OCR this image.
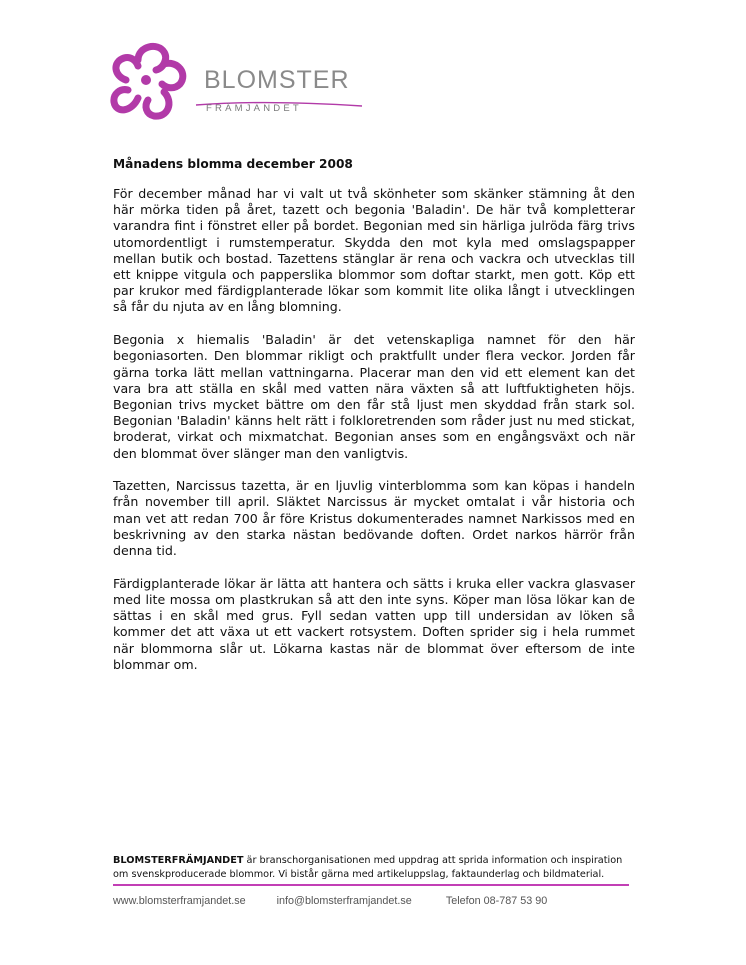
BLOMSTER
FRÄMJANDET
Månadens blomma december 2008

För december månad har vi valt ut två skönheter som skänker stämning åt den här mörka tiden på året, tazett och begonia 'Baladin'. De här två kompletterar varandra fint i fönstret eller på bordet. Begonian med sin härliga julröda färg trivs utomordentligt i rumstemperatur. Skydda den mot kyla med omslagspapper mellan butik och bostad. Tazettens stänglar är rena och vackra och utvecklas till ett knippe vitgula och papperslika blommor som doftar starkt, men gott. Köp ett par krukor med färdigplanterade lökar som kommit lite olika långt i utvecklingen så får du njuta av en lång blomning.

Begonia x hiemalis 'Baladin' är det vetenskapliga namnet för den här begoniasorten. Den blommar rikligt och praktfullt under flera veckor. Jorden får gärna torka lätt mellan vattningarna. Placerar man den vid ett element kan det vara bra att ställa en skål med vatten nära växten så att luftfuktigheten höjs. Begonian trivs mycket bättre om den får stå ljust men skyddad från stark sol. Begonian 'Baladin' känns helt rätt i folkloretrenden som råder just nu med stickat, broderat, virkat och mixmatchat. Begonian anses som en engångsväxt och när den blommat över slänger man den vanligtvis.

Tazetten, Narcissus tazetta, är en ljuvlig vinterblomma som kan köpas i handeln från november till april. Släktet Narcissus är mycket omtalat i vår historia och man vet att redan 700 år före Kristus dokumenterades namnet Narkissos med en beskrivning av den starka nästan bedövande doften. Ordet narkos härrör från denna tid.

Färdigplanterade lökar är lätta att hantera och sätts i kruka eller vackra glasvaser med lite mossa om plastkrukan så att den inte syns. Köper man lösa lökar kan de sättas i en skål med grus. Fyll sedan vatten upp till undersidan av löken så kommer det att växa ut ett vackert rotsystem. Doften sprider sig i hela rummet när blommorna slår ut. Lökarna kastas när de blommat över eftersom de inte blommar om.

BLOMSTERFRÄMJANDET är branschorganisationen med uppdrag att sprida information och inspiration om svenskproducerade blommor. Vi bistår gärna med artikeluppslag, faktaunderlag och bildmaterial.
www.blomsterframjandet.se	info@blomsterframjandet.se	Telefon 08-787 53 90
